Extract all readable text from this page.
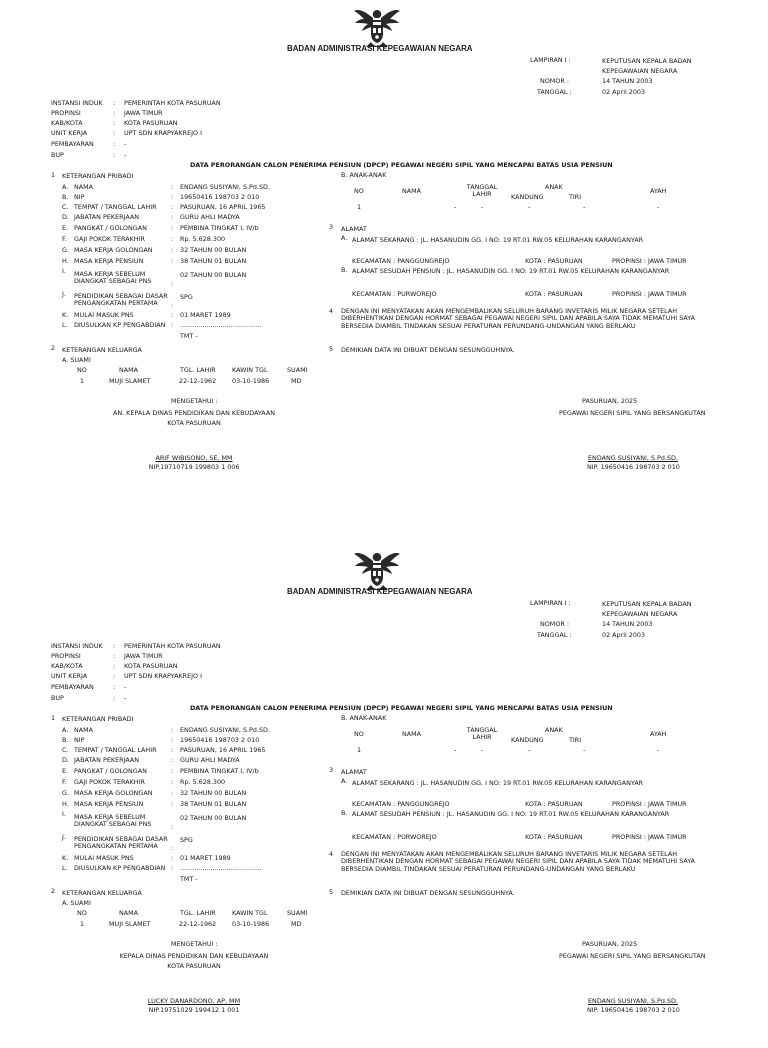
BADAN ADMINISTRASI KEPEGAWAIAN NEGARA
LAMPIRAN I :	KEPUTUSAN KEPALA BADAN
KEPEGAWAIAN NEGARA
NOMOR :	14 TAHUN 2003
TANGGAL :	02 April 2003
INSTANSI INDUK : PEMERINTAH KOTA PASURUAN
PROPINSI	: JAWA TIMUR
KAB/KOTA	: KOTA PASURUAN
UNIT KERJA	: UPT SDN KRAPYAKREJO I
PEMBAYARAN	: -
BUP	: -
DATA PERORANGAN CALON PENERIMA PENSIUN (DPCP) PEGAWAI NEGERI SIPIL YANG MENCAPAI BATAS USIA PENSIUN
1 KETERANGAN PRIBADI
A. NAMA	: ENDANG SUSIYANI, S.Pd.SD.
B. NIP	: 19650416 198703 2 010
C. TEMPAT / TANGGAL LAHIR : PASURUAN, 16 APRIL 1965
D. JABATAN PEKERJAAN	: GURU AHLI MADYA
E. PANGKAT / GOLONGAN	: PEMBINA TINGKAT I, IV/b
F. GAJI POKOK TERAKHIR	: Rp. 5.628.300
G. MASA KERJA GOLONGAN	: 32 TAHUN 00 BULAN
H. MASA KERJA PENSIUN	: 38 TAHUN 01 BULAN
I. MASA KERJA SEBELUM DIANGKAT SEBAGAI PNS	:
02 TAHUN 00 BULAN
J. PENDIDIKAN SEBAGAI DASAR PENGANGKATAN PERTAMA	:
SPG
K. MULAI MASUK PNS	: 01 MARET 1989
L. DIUSULKAN KP PENGABDIAN : ........................................
TMT -
2 KETERANGAN KELUARGA
A. SUAMI
NO	NAMA	TGL. LAHIR	KAWIN TGL	SUAMI
1	MUJI SLAMET	22-12-1962 03-10-1986	MD
B. ANAK-ANAK
NO	NAMA	TANGGAL LAHIR
ANAK
KANDUNG	TIRI
AYAH
1	-	-	-	-	-
3 ALAMAT
A. ALAMAT SEKARANG : JL. HASANUDIN GG. I NO: 19 RT.01 RW.05 KELURAHAN KARANGANYAR
KECAMATAN : PANGGUNGREJO	KOTA : PASURUAN	PROPINSI : JAWA TIMUR
B. ALAMAT SESUDAH PENSIUN : JL. HASANUDIN GG. I NO: 19 RT.01 RW.05 KELURAHAN KARANGANYAR
KECAMATAN : PURWOREJO	KOTA : PASURUAN	PROPINSI : JAWA TIMUR
4 DENGAN INI MENYATAKAN AKAN MENGEMBALIKAN SELURUH BARANG INVETARIS MILIK NEGARA SETELAH DIBERHENTIKAN DENGAN HORMAT SEBAGAI PEGAWAI NEGERI SIPIL DAN APABILA SAYA TIDAK MEMATUHI SAYA BERSEDIA DIAMBIL TINDAKAN SESUAI PERATURAN PERUNDANG-UNDANGAN YANG BERLAKU
5 DEMIKIAN DATA INI DIBUAT DENGAN SESUNGGUHNYA.
MENGETAHUI :	PASURUAN, 2025
PEGAWAI NEGERI SIPIL YANG BERSANGKUTAN
ENDANG SUSIYANI, S.Pd.SD.
NIP. 19650416 198703 2 010
AN. KEPALA DINAS PENDIDIKAN DAN KEBUDAYAAN
KOTA PASURUAN
ARIF WIBISONO, SE, MM
NIP.19710719 199803 1 006
BADAN ADMINISTRASI KEPEGAWAIAN NEGARA
LAMPIRAN I :	KEPUTUSAN KEPALA BADAN
KEPEGAWAIAN NEGARA
NOMOR :	14 TAHUN 2003
TANGGAL :	02 April 2003
INSTANSI INDUK : PEMERINTAH KOTA PASURUAN
PROPINSI	: JAWA TIMUR
KAB/KOTA	: KOTA PASURUAN
UNIT KERJA	: UPT SDN KRAPYAKREJO I
PEMBAYARAN	: -
BUP	: -
DATA PERORANGAN CALON PENERIMA PENSIUN (DPCP) PEGAWAI NEGERI SIPIL YANG MENCAPAI BATAS USIA PENSIUN
1 KETERANGAN PRIBADI
A. NAMA	: ENDANG SUSIYANI, S.Pd.SD.
B. NIP	: 19650416 198703 2 010
C. TEMPAT / TANGGAL LAHIR : PASURUAN, 16 APRIL 1965
D. JABATAN PEKERJAAN	: GURU AHLI MADYA
E. PANGKAT / GOLONGAN	: PEMBINA TINGKAT I, IV/b
F. GAJI POKOK TERAKHIR	: Rp. 5.628.300
G. MASA KERJA GOLONGAN	: 32 TAHUN 00 BULAN
H. MASA KERJA PENSIUN	: 38 TAHUN 01 BULAN
I. MASA KERJA SEBELUM DIANGKAT SEBAGAI PNS	:
02 TAHUN 00 BULAN
J. PENDIDIKAN SEBAGAI DASAR PENGANGKATAN PERTAMA	:
SPG
K. MULAI MASUK PNS	: 01 MARET 1989
L. DIUSULKAN KP PENGABDIAN : ........................................
TMT -
2 KETERANGAN KELUARGA
A. SUAMI
NO	NAMA	TGL. LAHIR	KAWIN TGL	SUAMI
1	MUJI SLAMET	22-12-1962 03-10-1986	MD
B. ANAK-ANAK
NO	NAMA	TANGGAL LAHIR
ANAK
KANDUNG	TIRI
AYAH
1	-	-	-	-	-
3 ALAMAT
A. ALAMAT SEKARANG : JL. HASANUDIN GG. I NO: 19 RT.01 RW.05 KELURAHAN KARANGANYAR
KECAMATAN : PANGGUNGREJO	KOTA : PASURUAN	PROPINSI : JAWA TIMUR
B. ALAMAT SESUDAH PENSIUN : JL. HASANUDIN GG. I NO: 19 RT.01 RW.05 KELURAHAN KARANGANYAR
KECAMATAN : PURWOREJO	KOTA : PASURUAN	PROPINSI : JAWA TIMUR
4 DENGAN INI MENYATAKAN AKAN MENGEMBALIKAN SELURUH BARANG INVETARIS MILIK NEGARA SETELAH DIBERHENTIKAN DENGAN HORMAT SEBAGAI PEGAWAI NEGERI SIPIL DAN APABILA SAYA TIDAK MEMATUHI SAYA BERSEDIA DIAMBIL TINDAKAN SESUAI PERATURAN PERUNDANG-UNDANGAN YANG BERLAKU
5 DEMIKIAN DATA INI DIBUAT DENGAN SESUNGGUHNYA.
MENGETAHUI :	PASURUAN, 2025
PEGAWAI NEGERI SIPIL YANG BERSANGKUTAN
ENDANG SUSIYANI, S.Pd.SD.
NIP. 19650416 198703 2 010
KEPALA DINAS PENDIDIKAN DAN KEBUDAYAAN
KOTA PASURUAN
LUCKY DANARDONO, AP, MM
NIP.19751029 199412 1 001
